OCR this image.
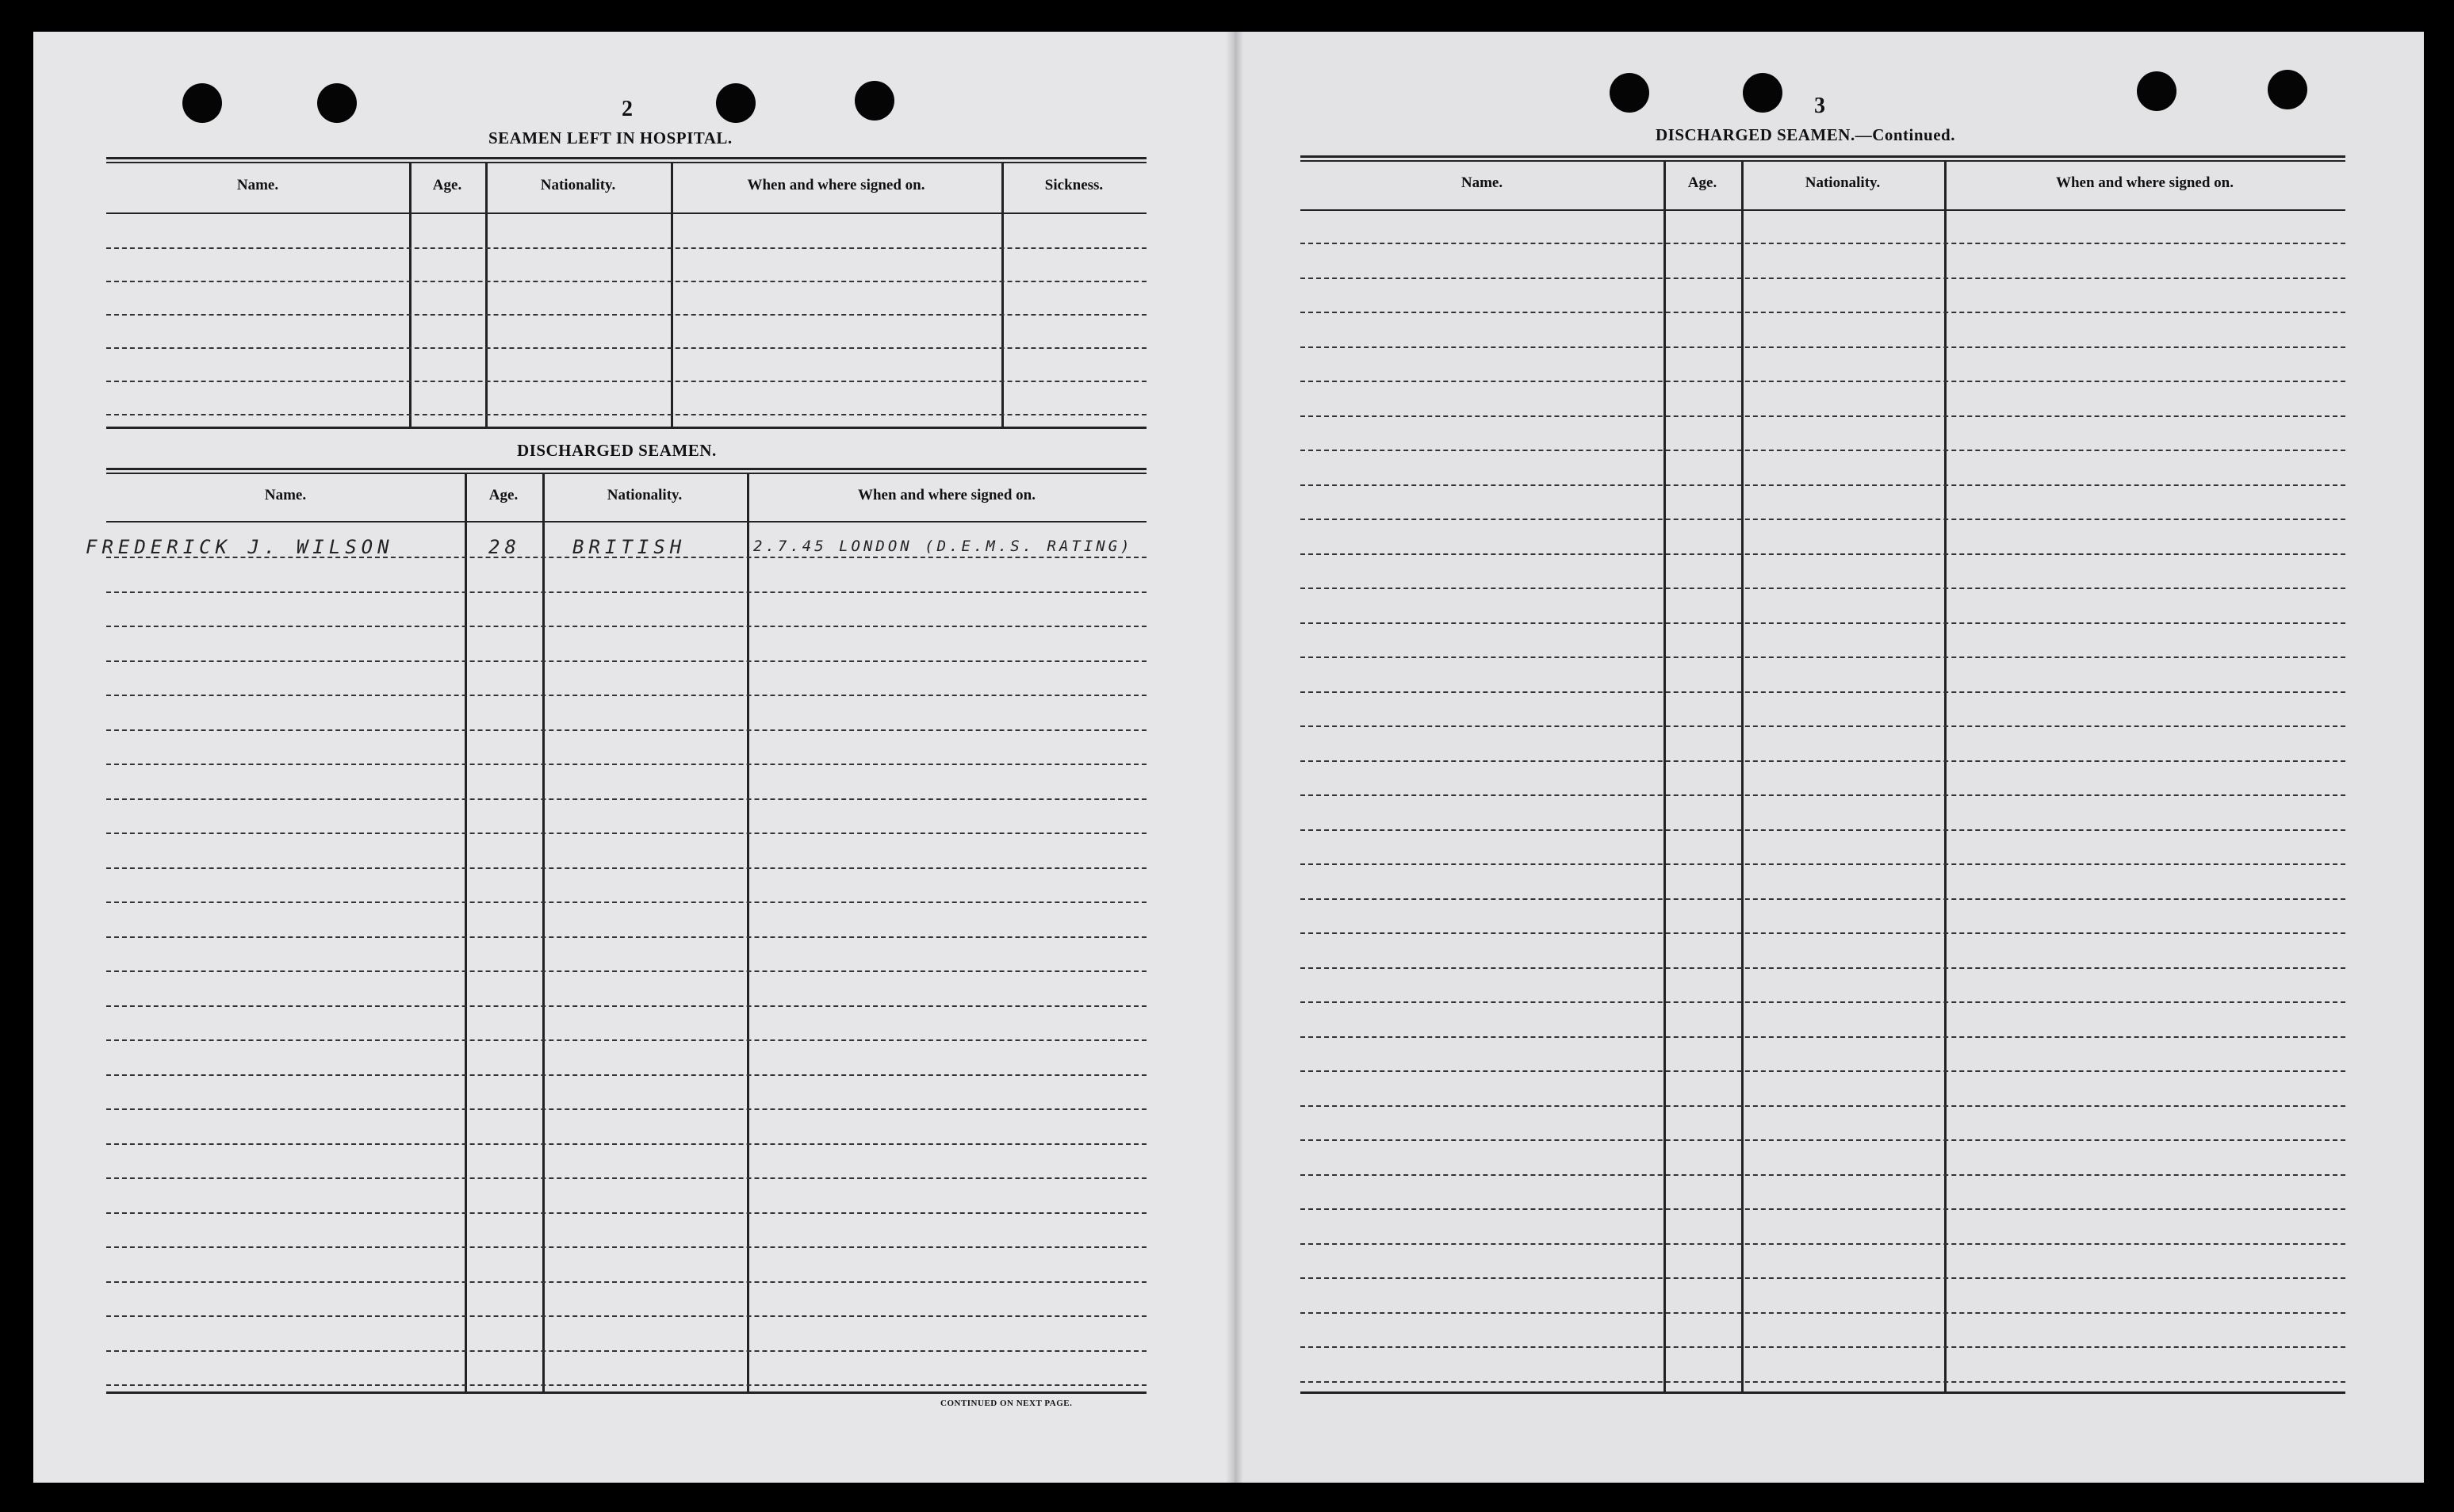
2
SEAMEN LEFT IN HOSPITAL.
DISCHARGED SEAMEN.
FREDERICK J. WILSON	28	BRITISH	2.7.45 LONDON (D.E.M.S. RATING)
CONTINUED ON NEXT PAGE.
3
DISCHARGED SEAMEN.—Continued.
Name.	Age.	Nationality.	When and where signed on.	Sickness.
Name.	Age.	Nationality.	When and where signed on.
Name.	Age.	Nationality.	When and where signed on.
